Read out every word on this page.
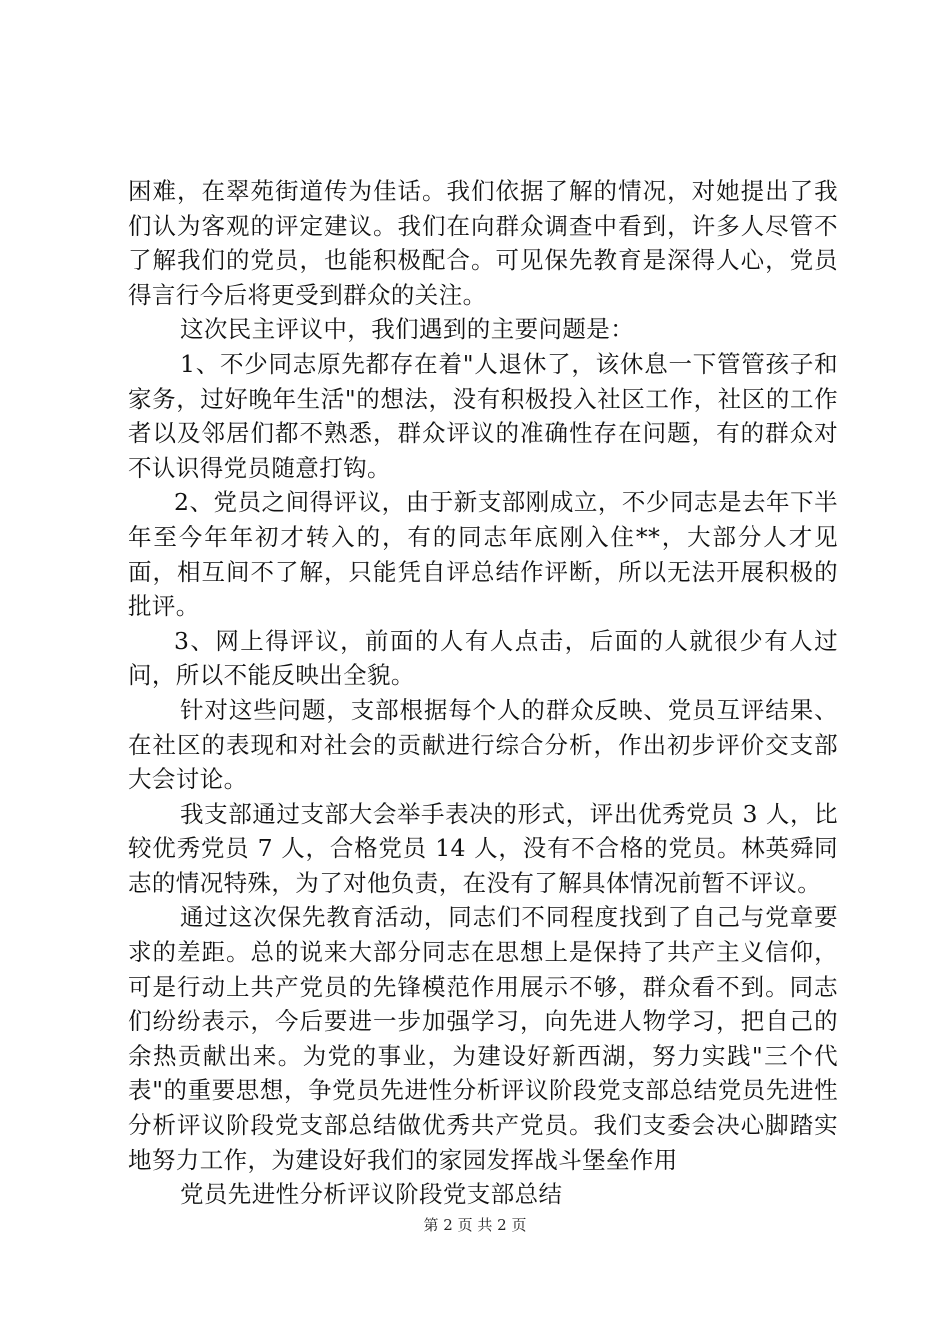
困难，在翠苑街道传为佳话。我们依据了解的情况，对她提出了我们认为客观的评定建议。我们在向群众调查中看到，许多人尽管不了解我们的党员，也能积极配合。可见保先教育是深得人心，党员得言行今后将更受到群众的关注。

这次民主评议中，我们遇到的主要问题是：

1、不少同志原先都存在着"人退休了，该休息一下管管孩子和家务，过好晚年生活"的想法，没有积极投入社区工作，社区的工作者以及邻居们都不熟悉，群众评议的准确性存在问题，有的群众对不认识得党员随意打钩。

2、党员之间得评议，由于新支部刚成立，不少同志是去年下半年至今年年初才转入的，有的同志年底刚入住**，大部分人才见面，相互间不了解，只能凭自评总结作评断，所以无法开展积极的批评。

3、网上得评议，前面的人有人点击，后面的人就很少有人过问，所以不能反映出全貌。

针对这些问题，支部根据每个人的群众反映、党员互评结果、在社区的表现和对社会的贡献进行综合分析，作出初步评价交支部大会讨论。

我支部通过支部大会举手表决的形式，评出优秀党员 3 人，比较优秀党员 7 人，合格党员 14 人，没有不合格的党员。林英舜同志的情况特殊，为了对他负责，在没有了解具体情况前暂不评议。

通过这次保先教育活动，同志们不同程度找到了自己与党章要求的差距。总的说来大部分同志在思想上是保持了共产主义信仰，可是行动上共产党员的先锋模范作用展示不够，群众看不到。同志们纷纷表示，今后要进一步加强学习，向先进人物学习，把自己的余热贡献出来。为党的事业，为建设好新西湖，努力实践"三个代表"的重要思想，争党员先进性分析评议阶段党支部总结党员先进性分析评议阶段党支部总结做优秀共产党员。我们支委会决心脚踏实地努力工作，为建设好我们的家园发挥战斗堡垒作用

党员先进性分析评议阶段党支部总结

第 2 页 共 2 页
